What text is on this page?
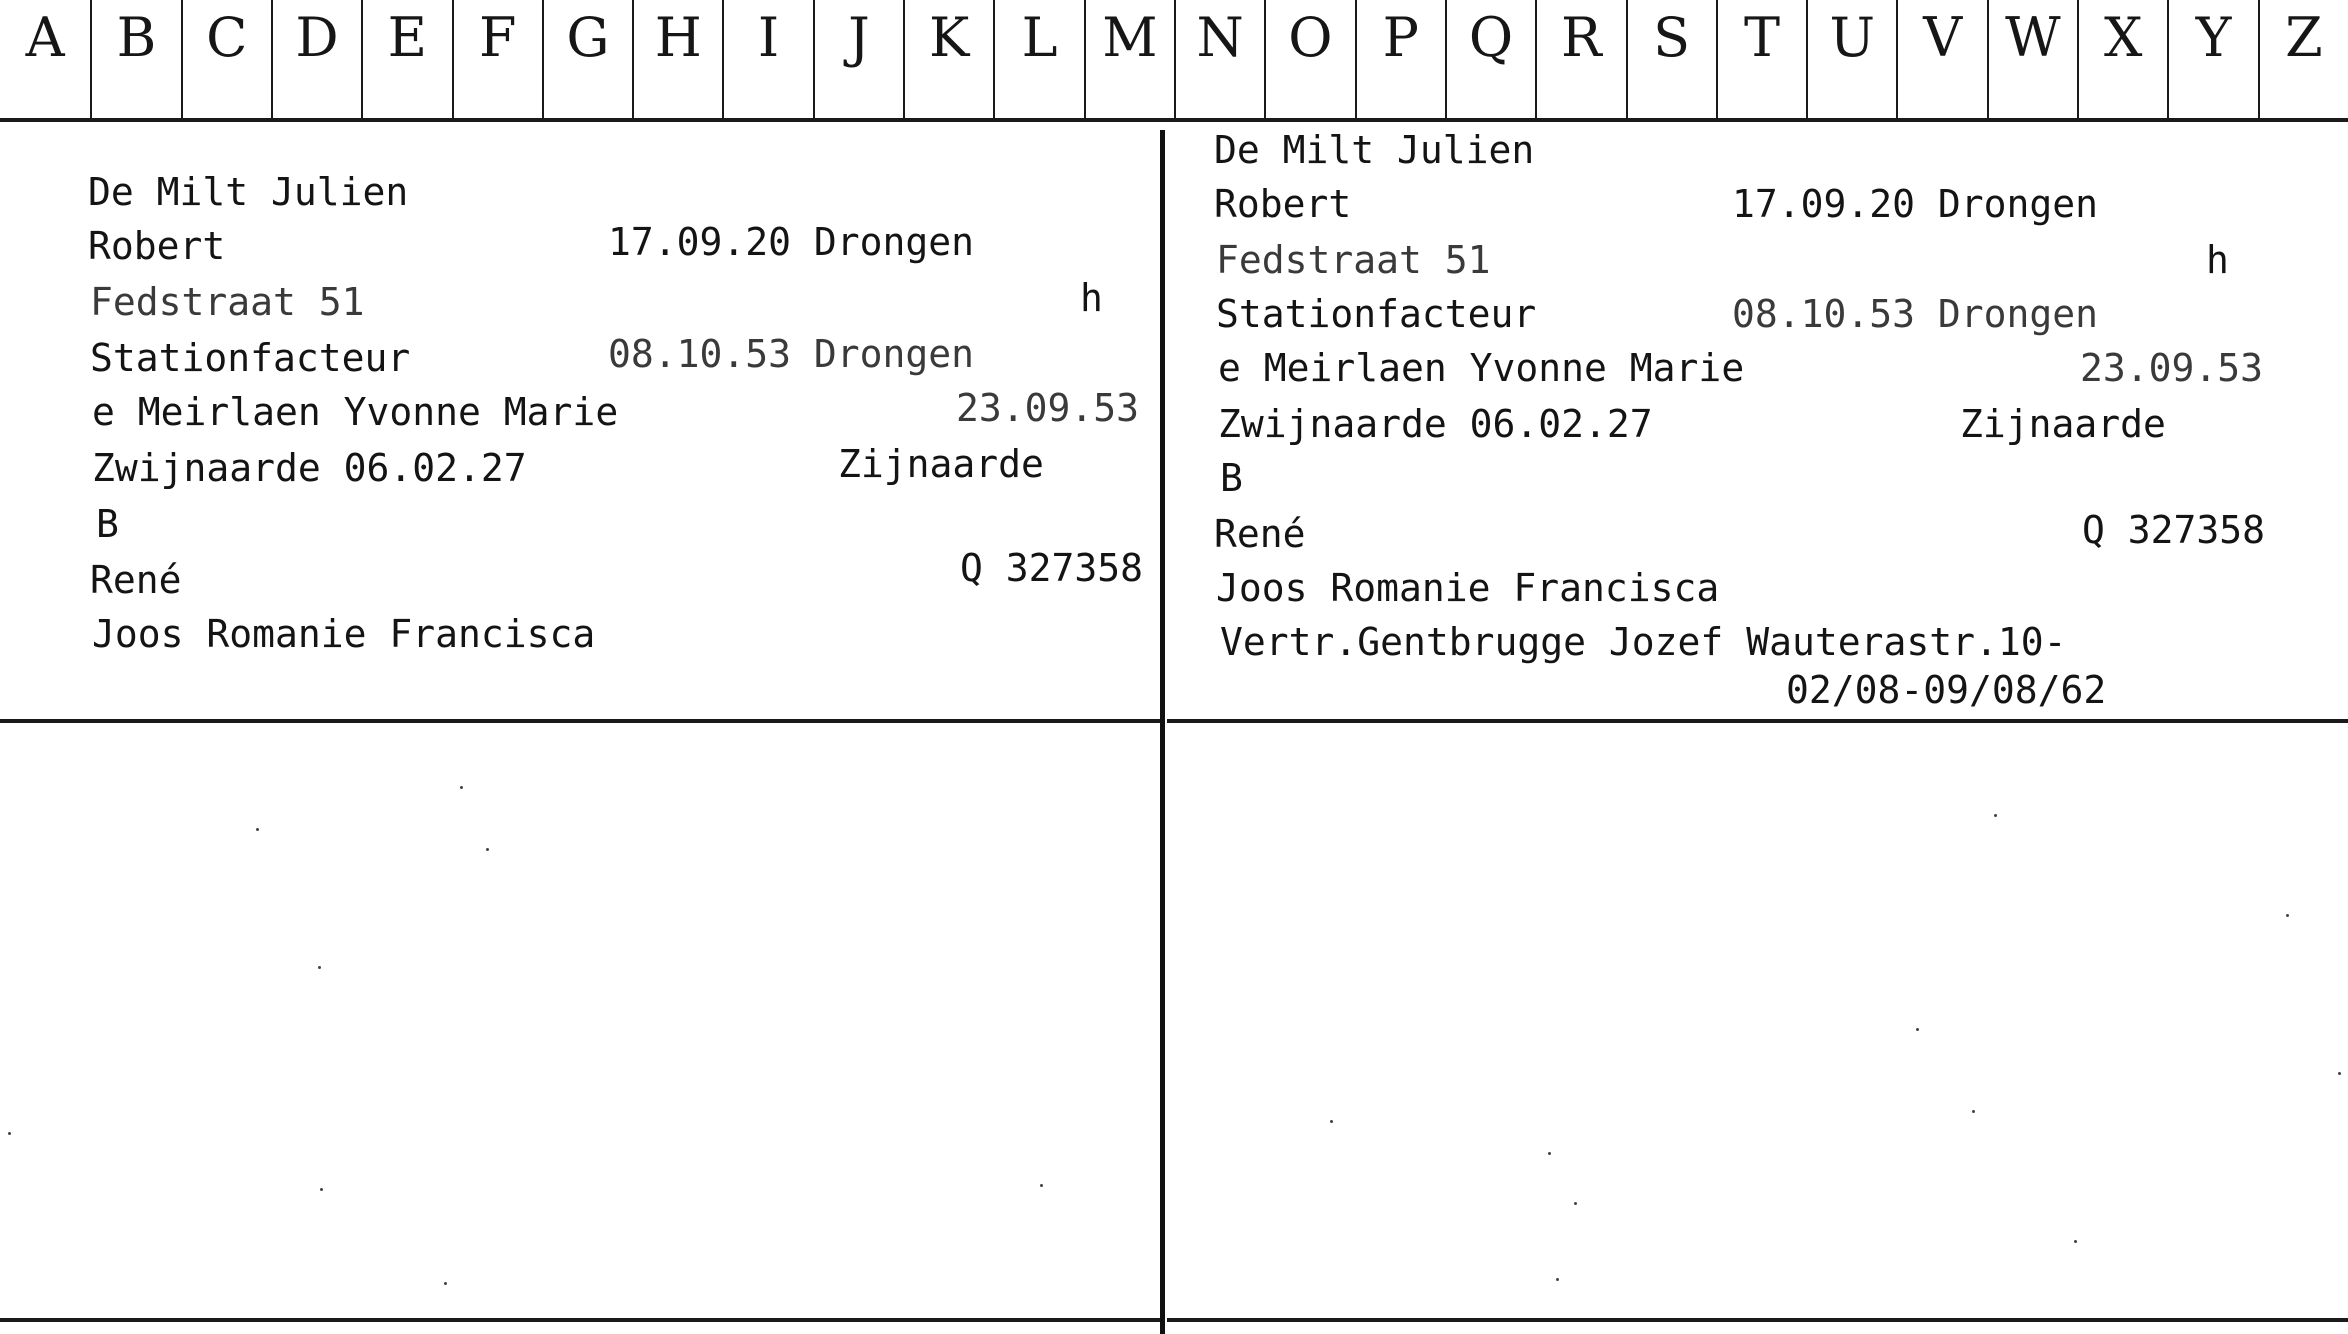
A B C D E F G H	I	J	K L M N O P Q R S T U V W X Y Z
De Milt Julien
Robert	17.09.20 Drongen
Fedstraat 51	h
Stationfacteur	08.10.53 Drongen
e Meirlaen Yvonne Marie	23.09.53
Zwijnaarde 06.02.27	Zijnaarde
B
René	Q 327358
Joos Romanie Francisca
De Milt Julien
Robert	17.09.20 Drongen
Fedstraat 51	h
Stationfacteur	08.10.53 Drongen
e Meirlaen Yvonne Marie	23.09.53
Zwijnaarde 06.02.27	Zijnaarde
B
René	Q 327358
Joos Romanie Francisca
Vertr.Gentbrugge Jozef Wauterastr.10-
02/08-09/08/62
